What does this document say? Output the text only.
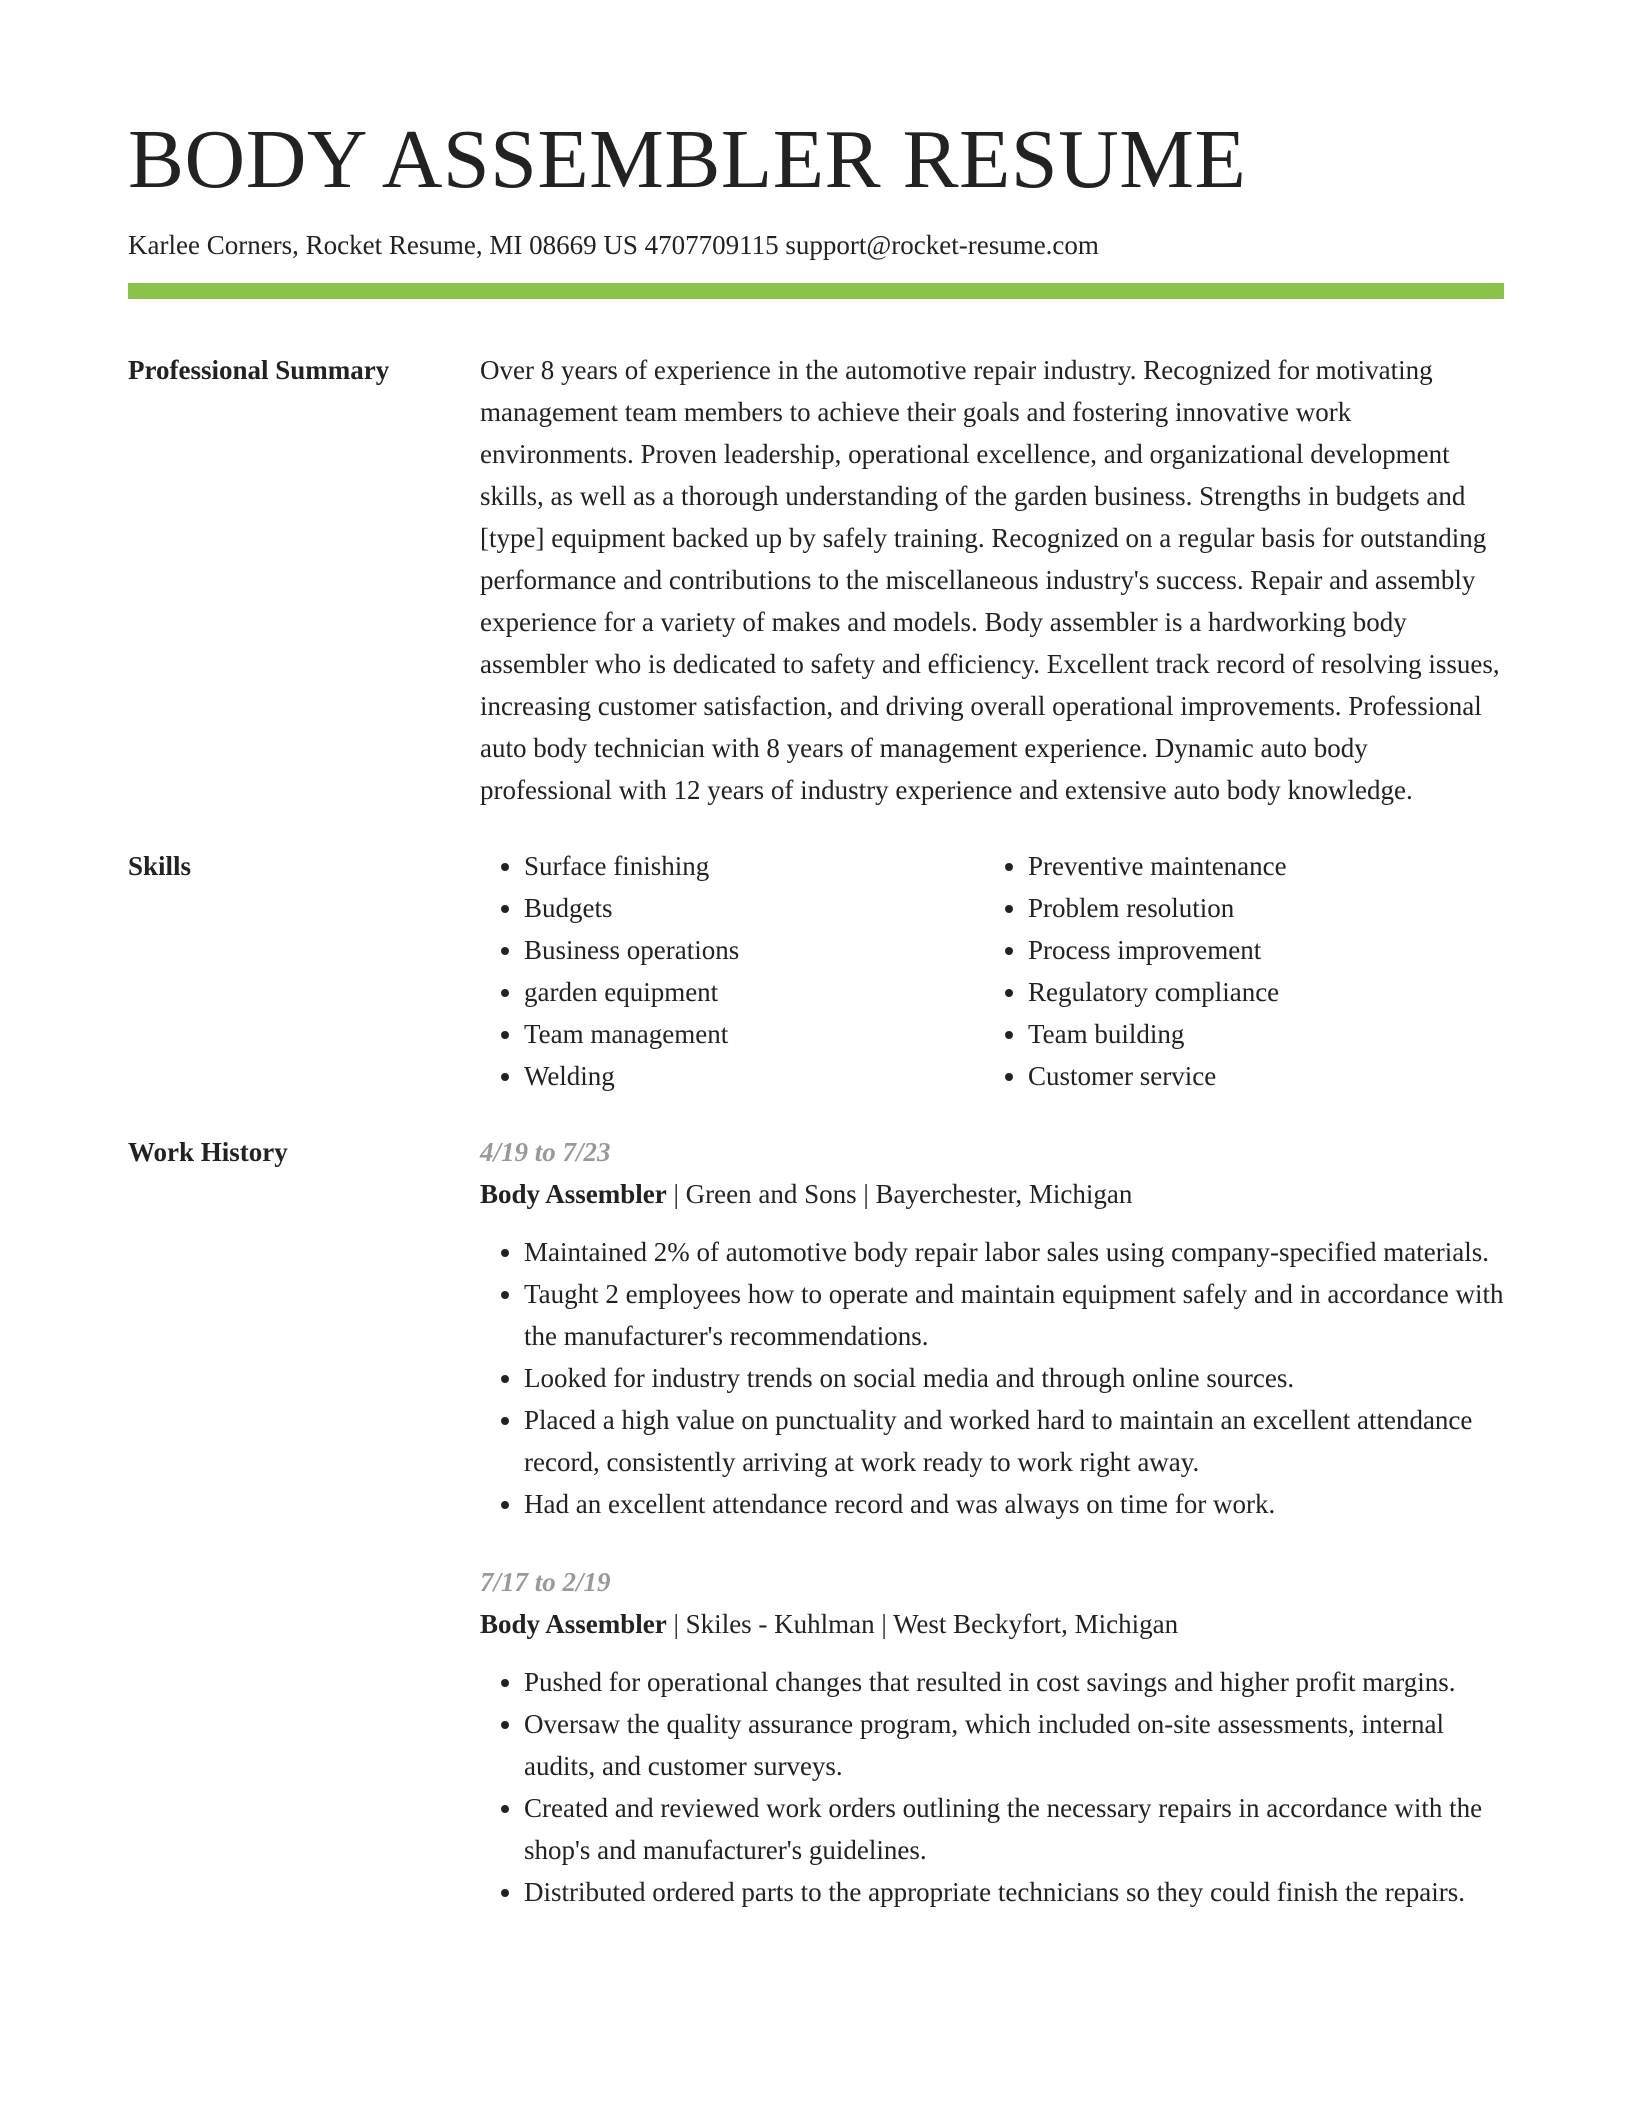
BODY ASSEMBLER RESUME
Karlee Corners, Rocket Resume, MI 08669 US 4707709115 support@rocket-resume.com
Professional Summary	Over 8 years of experience in the automotive repair industry. Recognized for motivating management team members to achieve their goals and fostering innovative work environments. Proven leadership, operational excellence, and organizational development skills, as well as a thorough understanding of the garden business. Strengths in budgets and [type] equipment backed up by safely training. Recognized on a regular basis for outstanding performance and contributions to the miscellaneous industry's success. Repair and assembly experience for a variety of makes and models. Body assembler is a hardworking body assembler who is dedicated to safety and efficiency. Excellent track record of resolving issues, increasing customer satisfaction, and driving overall operational improvements. Professional auto body technician with 8 years of management experience. Dynamic auto body professional with 12 years of industry experience and extensive auto body knowledge.

Skills
•	Surface finishing
• Budgets
• Business operations
• garden equipment
• Team management
• Welding
• Preventive maintenance
• Problem resolution
• Process improvement
• Regulatory compliance
• Team building
• Customer service
Work History	4/19 to 7/23
Body Assembler | Green and Sons | Bayerchester, Michigan
• Maintained 2% of automotive body repair labor sales using company-specified materials.
• Taught 2 employees how to operate and maintain equipment safely and in accordance with the manufacturer's recommendations.
• Looked for industry trends on social media and through online sources.
• Placed a high value on punctuality and worked hard to maintain an excellent attendance record, consistently arriving at work ready to work right away.
• Had an excellent attendance record and was always on time for work.
7/17 to 2/19
Body Assembler | Skiles - Kuhlman | West Beckyfort, Michigan
• Pushed for operational changes that resulted in cost savings and higher profit margins.
• Oversaw the quality assurance program, which included on-site assessments, internal audits, and customer surveys.
• Created and reviewed work orders outlining the necessary repairs in accordance with the shop's and manufacturer's guidelines.
• Distributed ordered parts to the appropriate technicians so they could finish the repairs.
